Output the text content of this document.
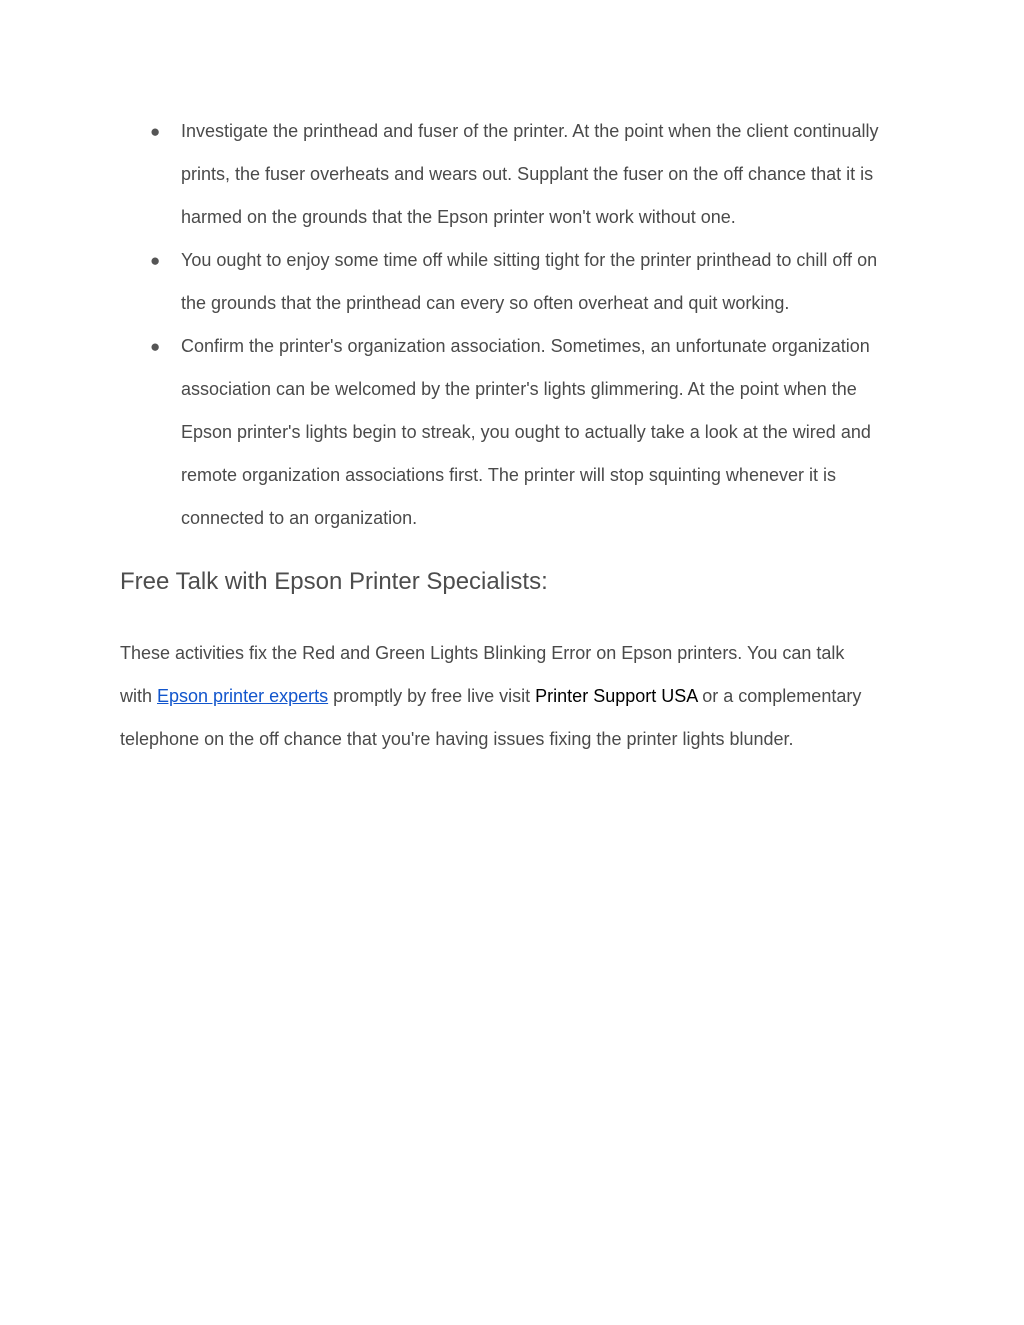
● Investigate the printhead and fuser of the printer. At the point when the client continually
prints, the fuser overheats and wears out. Supplant the fuser on the off chance that it is
harmed on the grounds that the Epson printer won't work without one.
● You ought to enjoy some time off while sitting tight for the printer printhead to chill off on
the grounds that the printhead can every so often overheat and quit working.
● Confirm the printer's organization association. Sometimes, an unfortunate organization
association can be welcomed by the printer's lights glimmering. At the point when the
Epson printer's lights begin to streak, you ought to actually take a look at the wired and
remote organization associations first. The printer will stop squinting whenever it is
connected to an organization.
Free Talk with Epson Printer Specialists:
These activities fix the Red and Green Lights Blinking Error on Epson printers. You can talk
with Epson printer experts promptly by free live visit Printer Support USA or a complementary
telephone on the off chance that you're having issues fixing the printer lights blunder.
